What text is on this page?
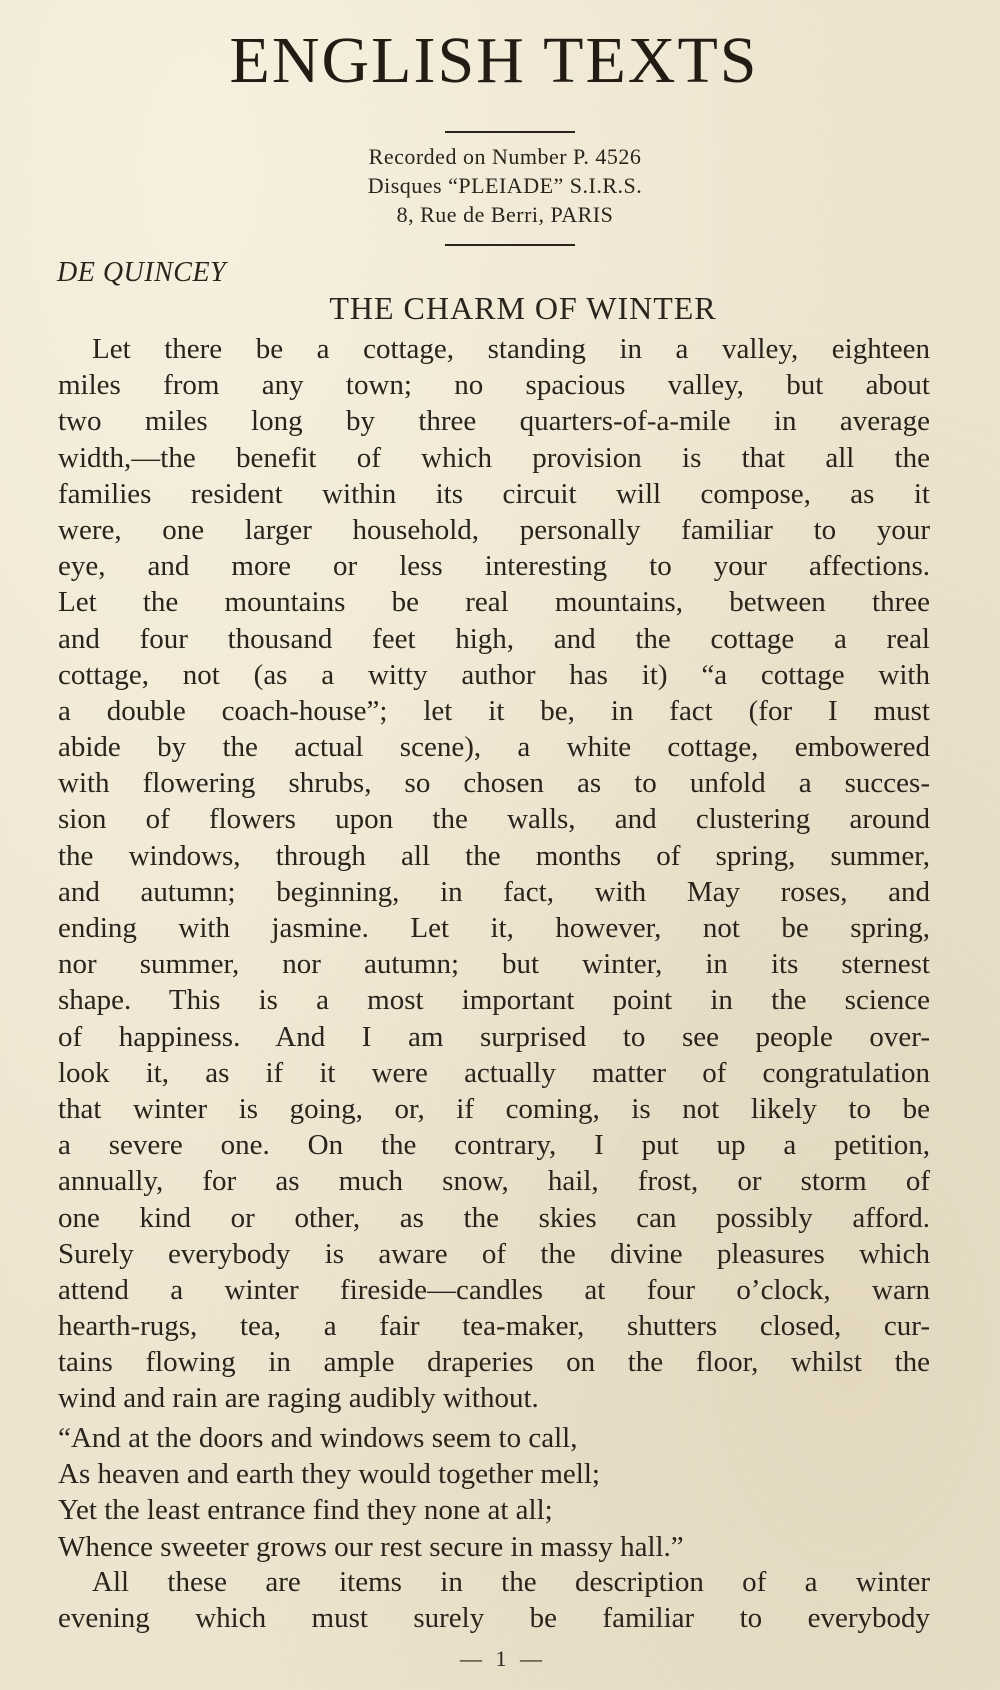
ENGLISH TEXTS
Recorded on Number P. 4526
Disques “PLEIADE” S.I.R.S.
8, Rue de Berri, PARIS
DE QUINCEY
THE CHARM OF WINTER
Let there be a cottage, standing in a valley, eighteen
miles from any town; no spacious valley, but about
two miles long by three quarters-of-a-mile in average
width,—the benefit of which provision is that all the
families resident within its circuit will compose, as it
were, one larger household, personally familiar to your
eye, and more or less interesting to your affections.
Let the mountains be real mountains, between three
and four thousand feet high, and the cottage a real
cottage, not (as a witty author has it) “a cottage with
a double coach-house”; let it be, in fact (for I must
abide by the actual scene), a white cottage, embowered
with flowering shrubs, so chosen as to unfold a succes-
sion of flowers upon the walls, and clustering around
the windows, through all the months of spring, summer,
and autumn; beginning, in fact, with May roses, and
ending with jasmine. Let it, however, not be spring,
nor summer, nor autumn; but winter, in its sternest
shape. This is a most important point in the science
of happiness. And I am surprised to see people over-
look it, as if it were actually matter of congratulation
that winter is going, or, if coming, is not likely to be
a severe one. On the contrary, I put up a petition,
annually, for as much snow, hail, frost, or storm of
one kind or other, as the skies can possibly afford.
Surely everybody is aware of the divine pleasures which
attend a winter fireside—candles at four o’clock, warn
hearth-rugs, tea, a fair tea-maker, shutters closed, cur-
tains flowing in ample draperies on the floor, whilst the
wind and rain are raging audibly without.
“And at the doors and windows seem to call,
As heaven and earth they would together mell;
Yet the least entrance find they none at all;
Whence sweeter grows our rest secure in massy hall.”
All these are items in the description of a winter
evening which must surely be familiar to everybody
— 1 —
